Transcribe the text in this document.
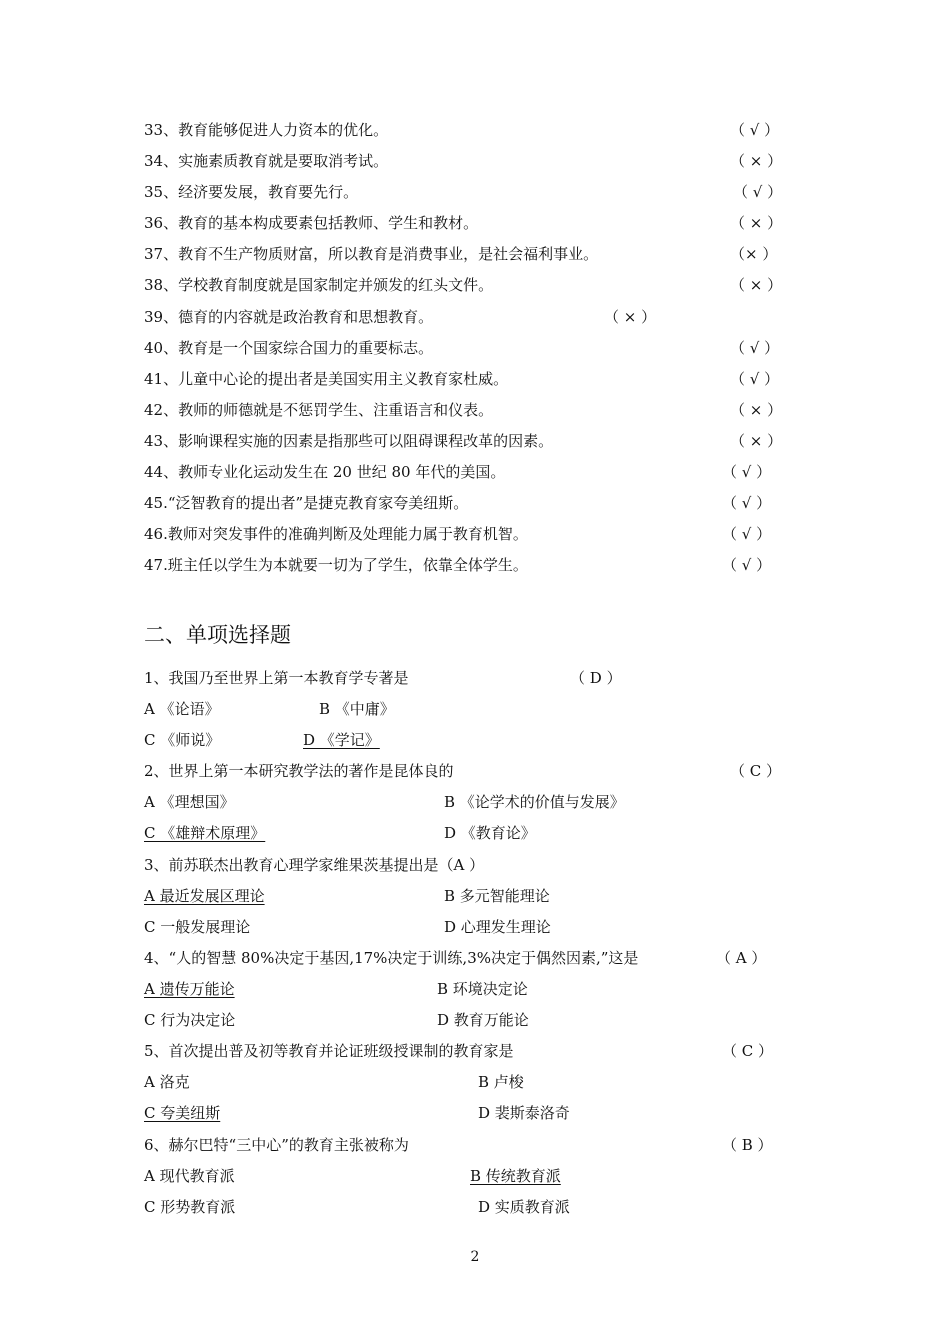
33、教育能够促进人力资本的优化。	（ √ ）
34、实施素质教育就是要取消考试。	（ × ）
35、经济要发展，教育要先行。	（ √ ）
36、教育的基本构成要素包括教师、学生和教材。	（ × ）
37、教育不生产物质财富，所以教育是消费事业，是社会福利事业。	（× ）
38、学校教育制度就是国家制定并颁发的红头文件。	（ × ）
39、德育的内容就是政治教育和思想教育。	（ × ）
40、教育是一个国家综合国力的重要标志。	（ √ ）
41、儿童中心论的提出者是美国实用主义教育家杜威。	（ √ ）
42、教师的师德就是不惩罚学生、注重语言和仪表。	（ × ）
43、影响课程实施的因素是指那些可以阻碍课程改革的因素。	（ × ）
44、教师专业化运动发生在 20 世纪 80 年代的美国。	（ √ ）
45.“泛智教育的提出者”是捷克教育家夸美纽斯。	（ √ ）
46.教师对突发事件的准确判断及处理能力属于教育机智。	（ √ ）
47.班主任以学生为本就要一切为了学生，依靠全体学生。	（ √ ）
二、单项选择题
1、我国乃至世界上第一本教育学专著是	（ D ）
A 《论语》	B 《中庸》
C 《师说》	D 《学记》
2、世界上第一本研究教学法的著作是昆体良的	（ C ）
A 《理想国》	B 《论学术的价值与发展》
C 《雄辩术原理》	D 《教育论》
3、前苏联杰出教育心理学家维果茨基提出是（A ）
A 最近发展区理论	B 多元智能理论
C 一般发展理论	D 心理发生理论
4、“人的智慧 80%决定于基因,17%决定于训练,3%决定于偶然因素,”这是	（ A ）
A 遗传万能论	B 环境决定论
C 行为决定论	D 教育万能论
5、首次提出普及初等教育并论证班级授课制的教育家是	（ C ）
A 洛克	B 卢梭
C 夸美纽斯	D 裴斯泰洛奇
6、赫尔巴特“三中心”的教育主张被称为	（ B ）
A 现代教育派	B 传统教育派
C 形势教育派	D 实质教育派
2
